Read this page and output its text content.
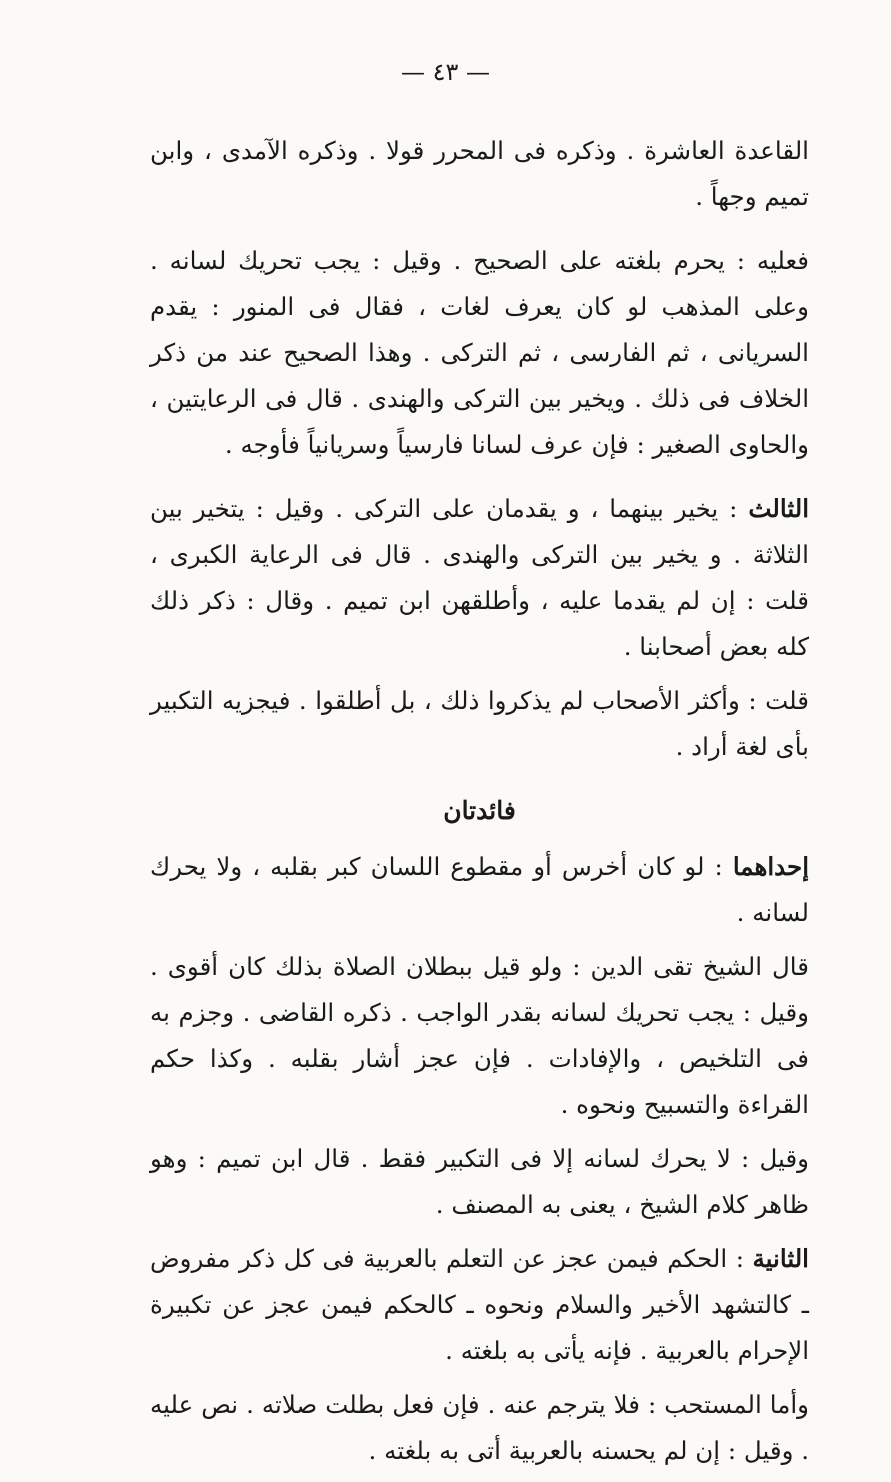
— ٤٣ —

القاعدة العاشرة . وذكره فى المحرر قولا . وذكره الآمدى ، وابن تميم وجهاً .

فعليه : يحرم بلغته على الصحيح . وقيل : يجب تحريك لسانه . وعلى المذهب لو كان يعرف لغات ، فقال فى المنور : يقدم السريانى ، ثم الفارسى ، ثم التركى . وهذا الصحيح عند من ذكر الخلاف فى ذلك . ويخير بين التركى والهندى . قال فى الرعايتين ، والحاوى الصغير : فإن عرف لسانا فارسياً وسريانياً فأوجه .

الثالث : يخير بينهما ، و يقدمان على التركى . وقيل : يتخير بين الثلاثة . و يخير بين التركى والهندى . قال فى الرعاية الكبرى ، قلت : إن لم يقدما عليه ، وأطلقهن ابن تميم . وقال : ذكر ذلك كله بعض أصحابنا .

قلت : وأكثر الأصحاب لم يذكروا ذلك ، بل أطلقوا . فيجزيه التكبير بأى لغة أراد .

فائدتان

إحداهما : لو كان أخرس أو مقطوع اللسان كبر بقلبه ، ولا يحرك لسانه .

قال الشيخ تقى الدين : ولو قيل ببطلان الصلاة بذلك كان أقوى . وقيل : يجب تحريك لسانه بقدر الواجب . ذكره القاضى . وجزم به فى التلخيص ، والإفادات . فإن عجز أشار بقلبه . وكذا حكم القراءة والتسبيح ونحوه .

وقيل : لا يحرك لسانه إلا فى التكبير فقط . قال ابن تميم : وهو ظاهر كلام الشيخ ، يعنى به المصنف .

الثانية : الحكم فيمن عجز عن التعلم بالعربية فى كل ذكر مفروض ـ كالتشهد الأخير والسلام ونحوه ـ كالحكم فيمن عجز عن تكبيرة الإحرام بالعربية . فإنه يأتى به بلغته .

وأما المستحب : فلا يترجم عنه . فإن فعل بطلت صلاته . نص عليه . وقيل : إن لم يحسنه بالعربية أتى به بلغته .
